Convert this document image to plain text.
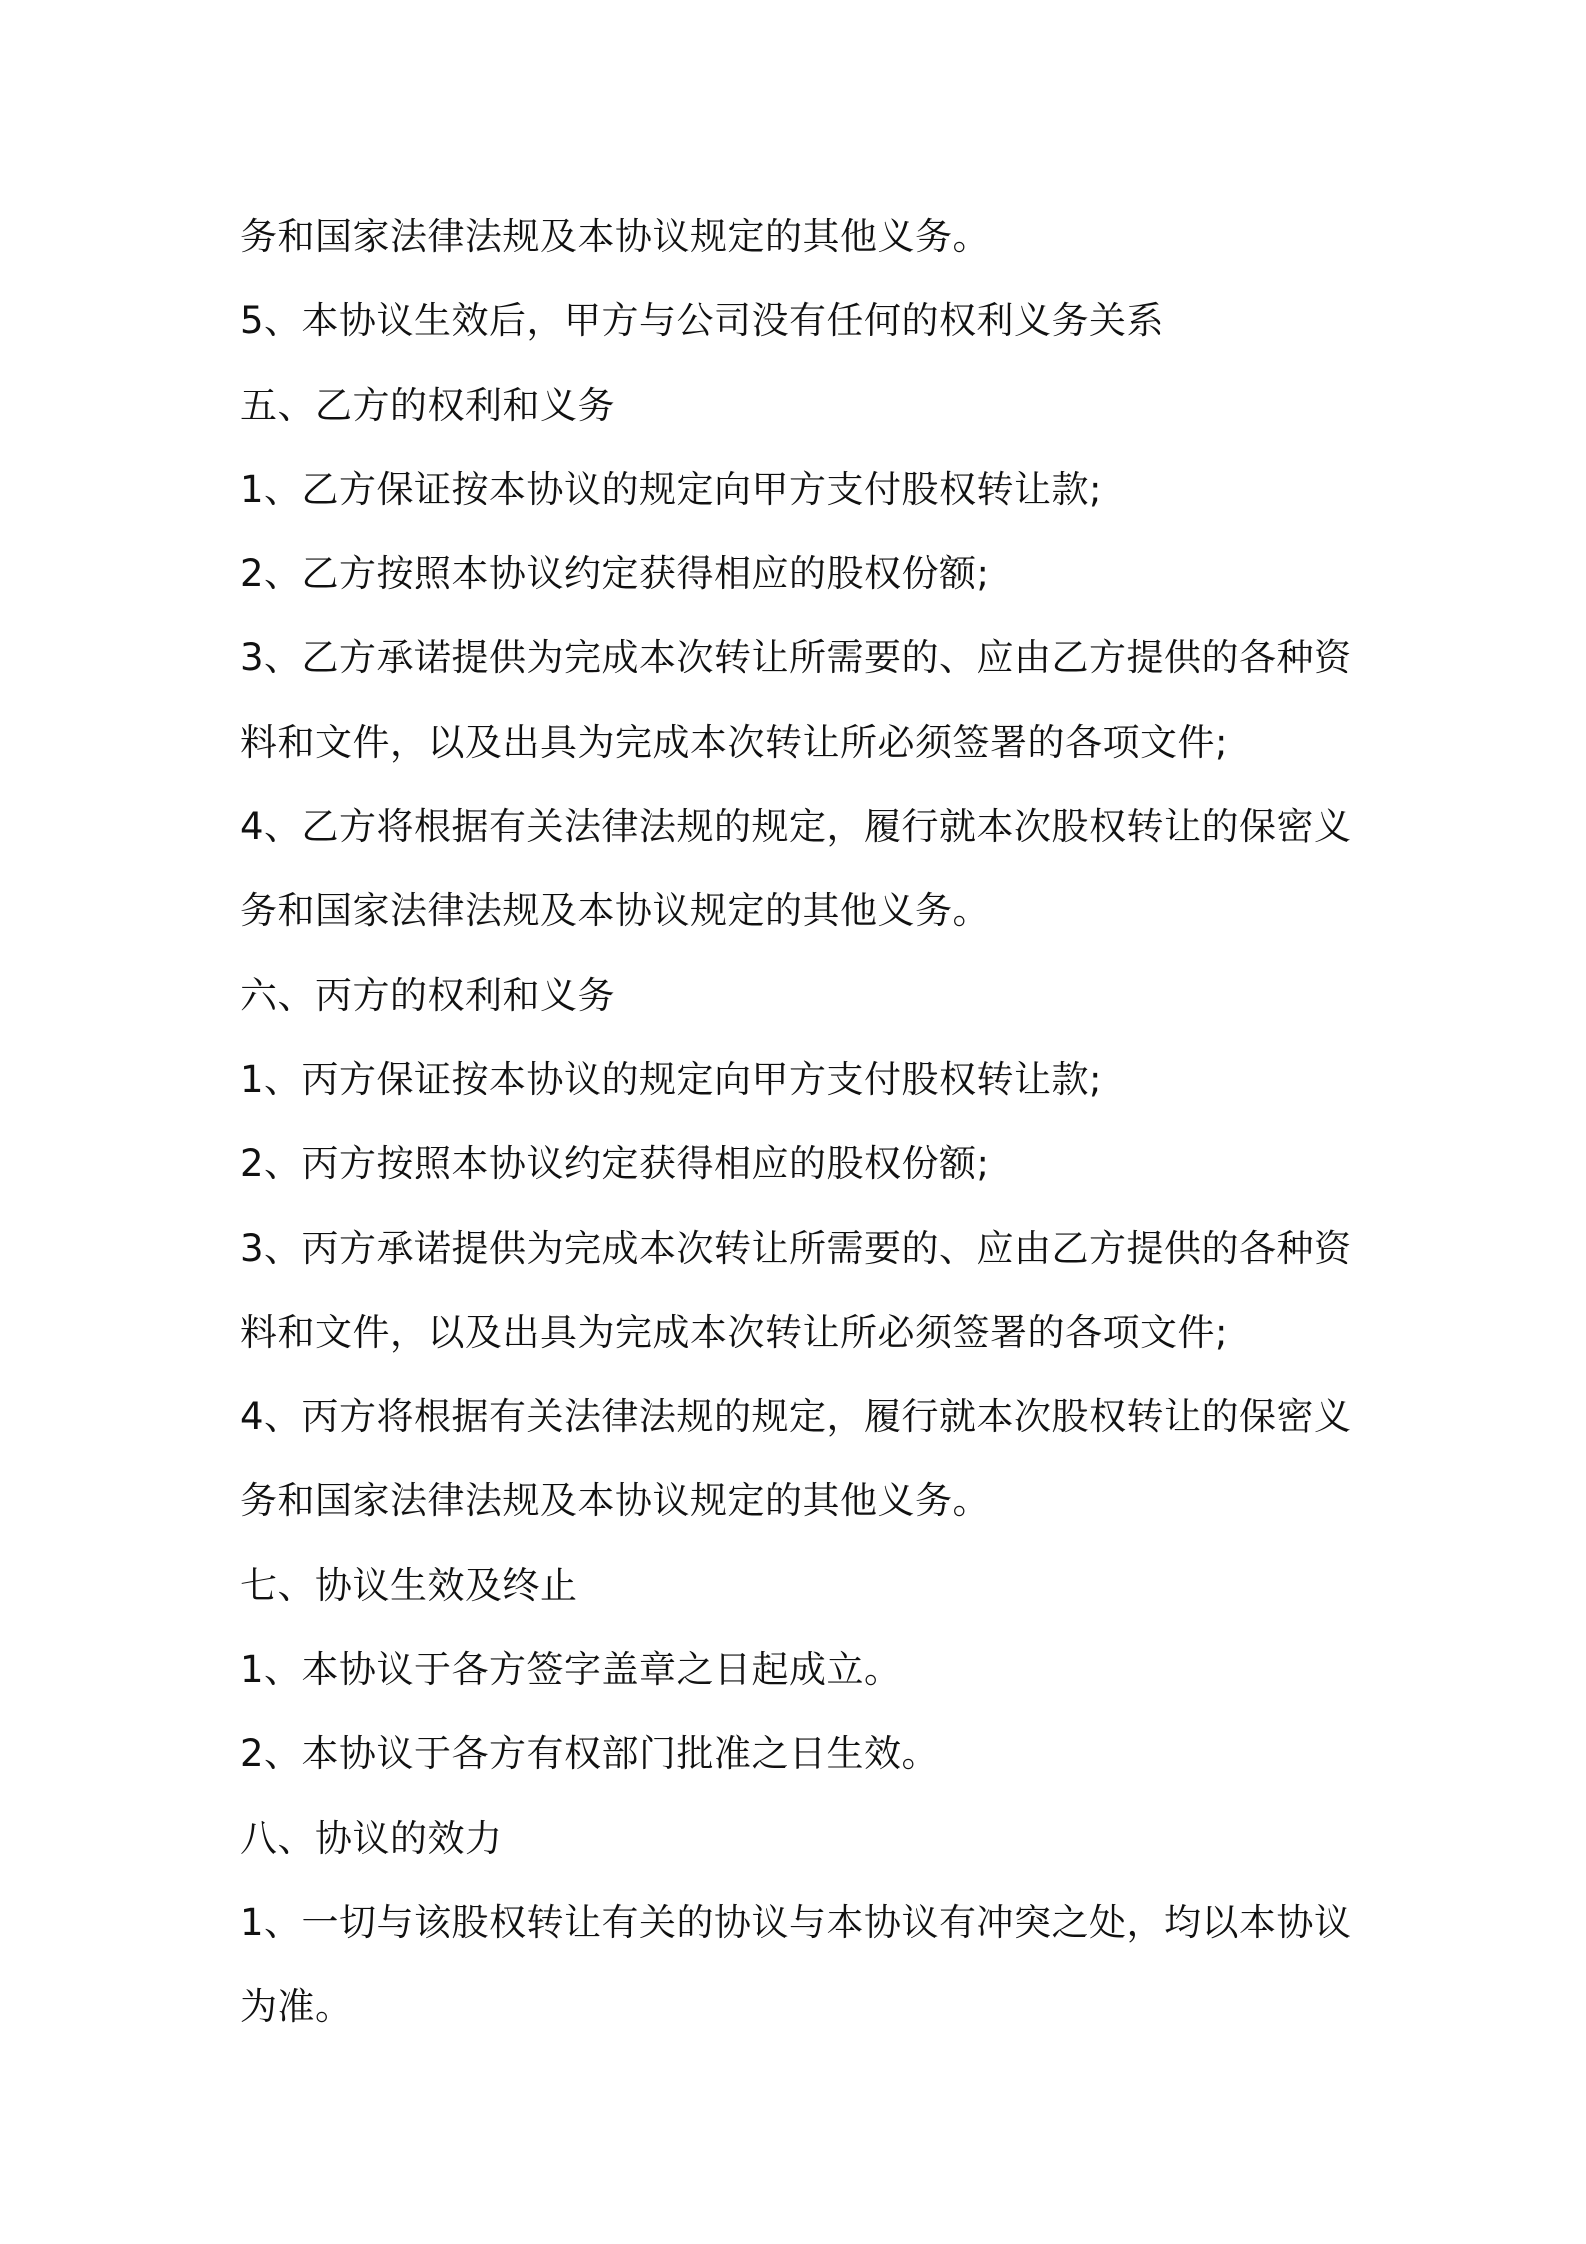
务和国家法律法规及本协议规定的其他义务。
5、本协议生效后，甲方与公司没有任何的权利义务关系
五、乙方的权利和义务
1、乙方保证按本协议的规定向甲方支付股权转让款;
2、乙方按照本协议约定获得相应的股权份额;
3、乙方承诺提供为完成本次转让所需要的、应由乙方提供的各种资
料和文件，以及出具为完成本次转让所必须签署的各项文件;
4、乙方将根据有关法律法规的规定，履行就本次股权转让的保密义
务和国家法律法规及本协议规定的其他义务。
六、丙方的权利和义务
1、丙方保证按本协议的规定向甲方支付股权转让款;
2、丙方按照本协议约定获得相应的股权份额;
3、丙方承诺提供为完成本次转让所需要的、应由乙方提供的各种资
料和文件，以及出具为完成本次转让所必须签署的各项文件;
4、丙方将根据有关法律法规的规定，履行就本次股权转让的保密义
务和国家法律法规及本协议规定的其他义务。
七、协议生效及终止
1、本协议于各方签字盖章之日起成立。
2、本协议于各方有权部门批准之日生效。
八、协议的效力
1、一切与该股权转让有关的协议与本协议有冲突之处，均以本协议
为准。
